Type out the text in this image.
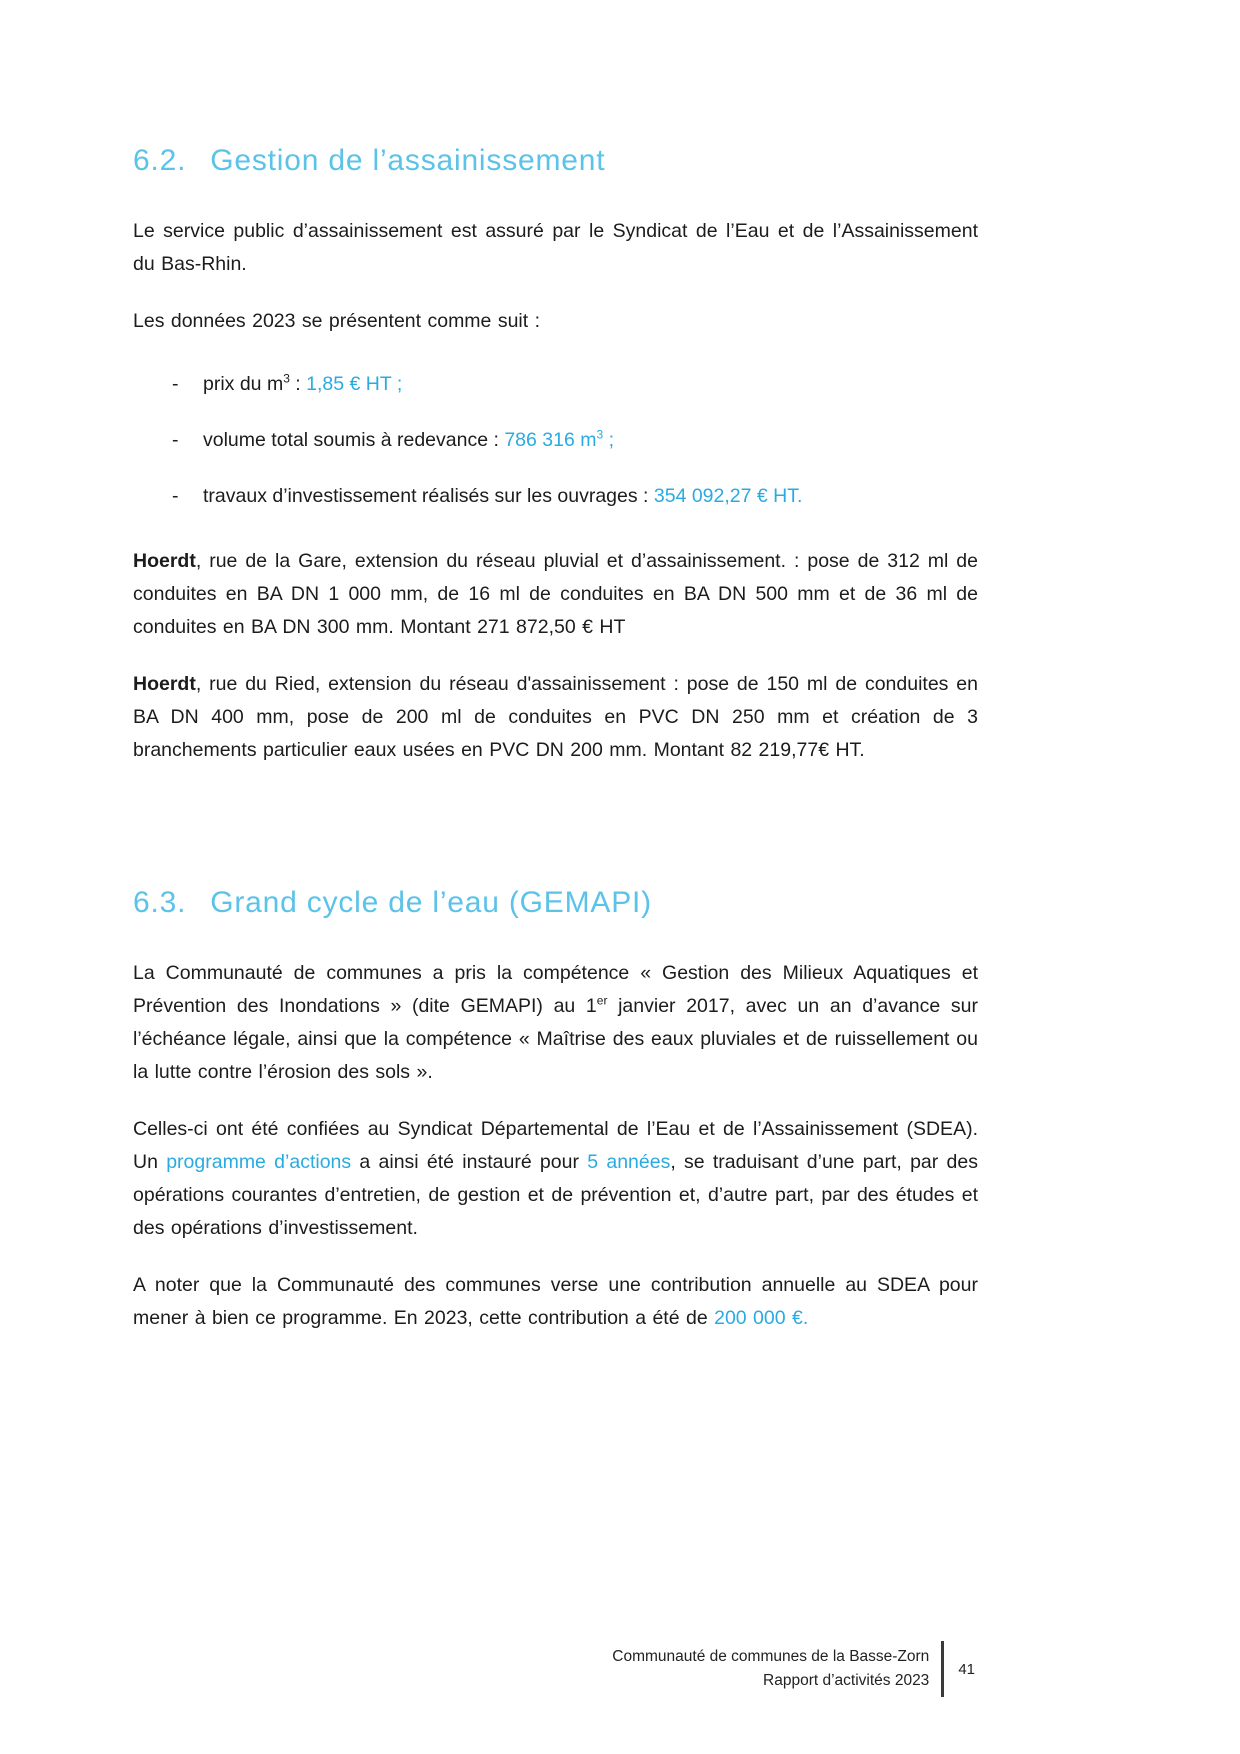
6.2. Gestion de l’assainissement

Le service public d’assainissement est assuré par le Syndicat de l’Eau et de l’Assainissement du Bas-Rhin.

Les données 2023 se présentent comme suit :

-	prix du $m^3$ : 1,85 € HT ;
-	volume total soumis à redevance : 786 316 $m^3$ ;
-	travaux d’investissement réalisés sur les ouvrages : 354 092,27 € HT.

Hoerdt, rue de la Gare, extension du réseau pluvial et d’assainissement. : pose de 312 ml de conduites en BA DN 1 000 mm, de 16 ml de conduites en BA DN 500 mm et de 36 ml de conduites en BA DN 300 mm. Montant 271 872,50 € HT

Hoerdt, rue du Ried, extension du réseau d'assainissement : pose de 150 ml de conduites en BA DN 400 mm, pose de 200 ml de conduites en PVC DN 250 mm et création de 3 branchements particulier eaux usées en PVC DN 200 mm. Montant 82 219,77€ HT.

6.3. Grand cycle de l’eau (GEMAPI)

La Communauté de communes a pris la compétence « Gestion des Milieux Aquatiques et Prévention des Inondations » (dite GEMAPI) au 1er janvier 2017, avec un an d’avance sur l’échéance légale, ainsi que la compétence « Maîtrise des eaux pluviales et de ruissellement ou la lutte contre l’érosion des sols ».

Celles-ci ont été confiées au Syndicat Départemental de l’Eau et de l’Assainissement (SDEA). Un programme d’actions a ainsi été instauré pour 5 années, se traduisant d’une part, par des opérations courantes d’entretien, de gestion et de prévention et, d’autre part, par des études et des opérations d’investissement.

A noter que la Communauté des communes verse une contribution annuelle au SDEA pour mener à bien ce programme. En 2023, cette contribution a été de 200 000 €.

Communauté de communes de la Basse-Zorn
Rapport d’activités 2023
41
